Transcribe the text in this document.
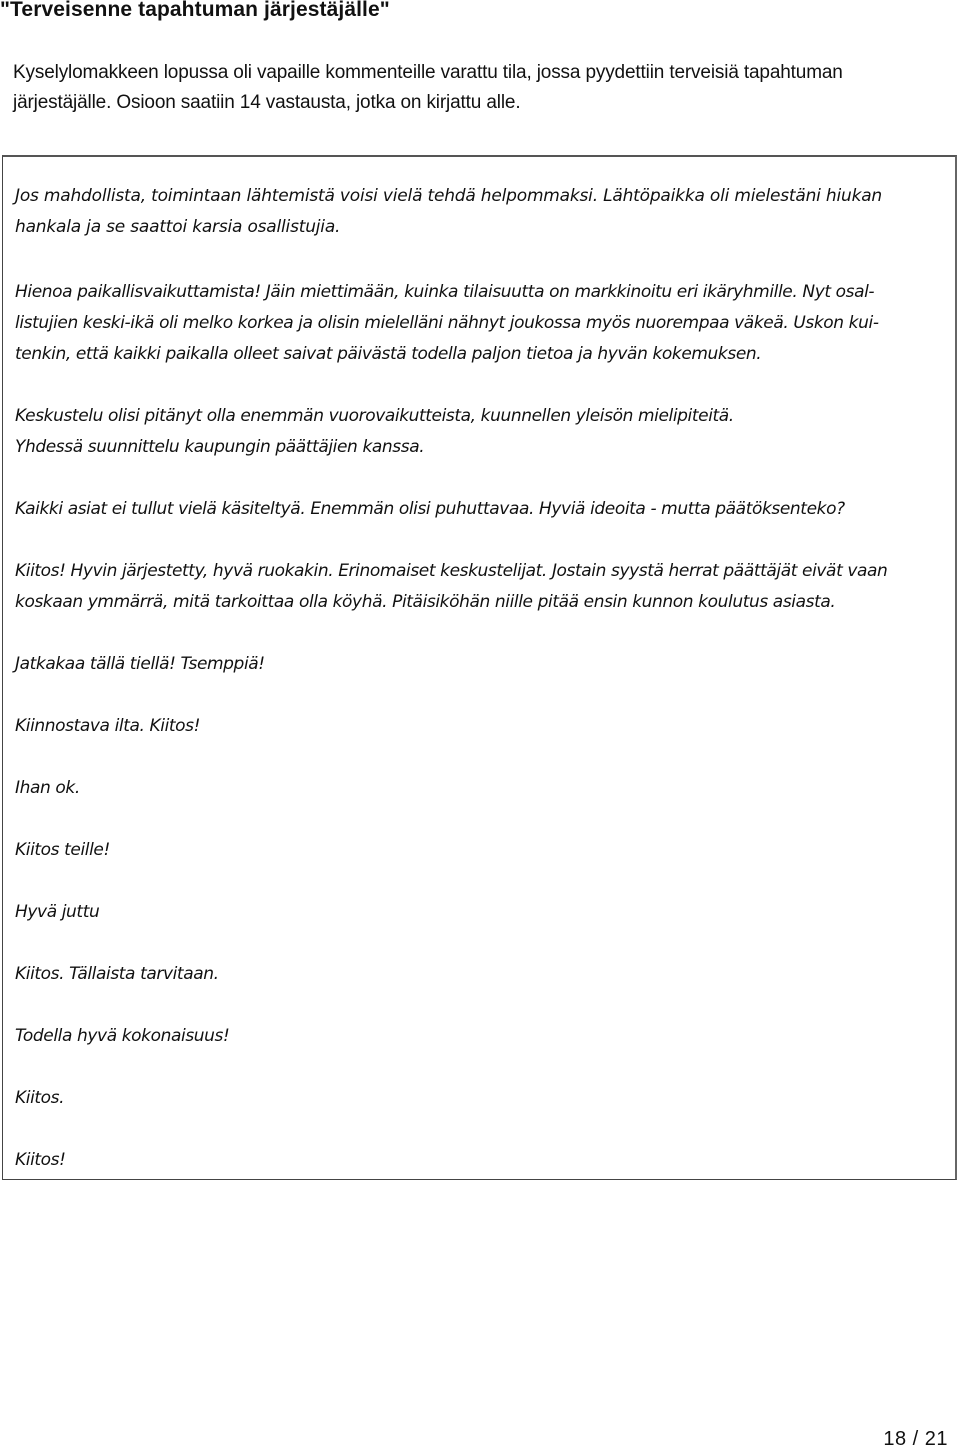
"Terveisenne tapahtuman järjestäjälle"
Kyselylomakkeen lopussa oli vapaille kommenteille varattu tila, jossa pyydettiin terveisiä tapahtuman
järjestäjälle. Osioon saatiin 14 vastausta, jotka on kirjattu alle.
Jos mahdollista, toimintaan lähtemistä voisi vielä tehdä helpommaksi. Lähtöpaikka oli mielestäni hiukan
hankala ja se saattoi karsia osallistujia.
Hienoa paikallisvaikuttamista! Jäin miettimään, kuinka tilaisuutta on markkinoitu eri ikäryhmille. Nyt osal-
listujien keski-ikä oli melko korkea ja olisin mielelläni nähnyt joukossa myös nuorempaa väkeä. Uskon kui-
tenkin, että kaikki paikalla olleet saivat päivästä todella paljon tietoa ja hyvän kokemuksen.
Keskustelu olisi pitänyt olla enemmän vuorovaikutteista, kuunnellen yleisön mielipiteitä.
Yhdessä suunnittelu kaupungin päättäjien kanssa.
Kaikki asiat ei tullut vielä käsiteltyä. Enemmän olisi puhuttavaa. Hyviä ideoita - mutta päätöksenteko?
Kiitos! Hyvin järjestetty, hyvä ruokakin. Erinomaiset keskustelijat. Jostain syystä herrat päättäjät eivät vaan
koskaan ymmärrä, mitä tarkoittaa olla köyhä. Pitäisiköhän niille pitää ensin kunnon koulutus asiasta.
Jatkakaa tällä tiellä! Tsemppiä!
Kiinnostava ilta. Kiitos!
Ihan ok.
Kiitos teille!
Hyvä juttu
Kiitos. Tällaista tarvitaan.
Todella hyvä kokonaisuus!
Kiitos.
Kiitos!
18 / 21
